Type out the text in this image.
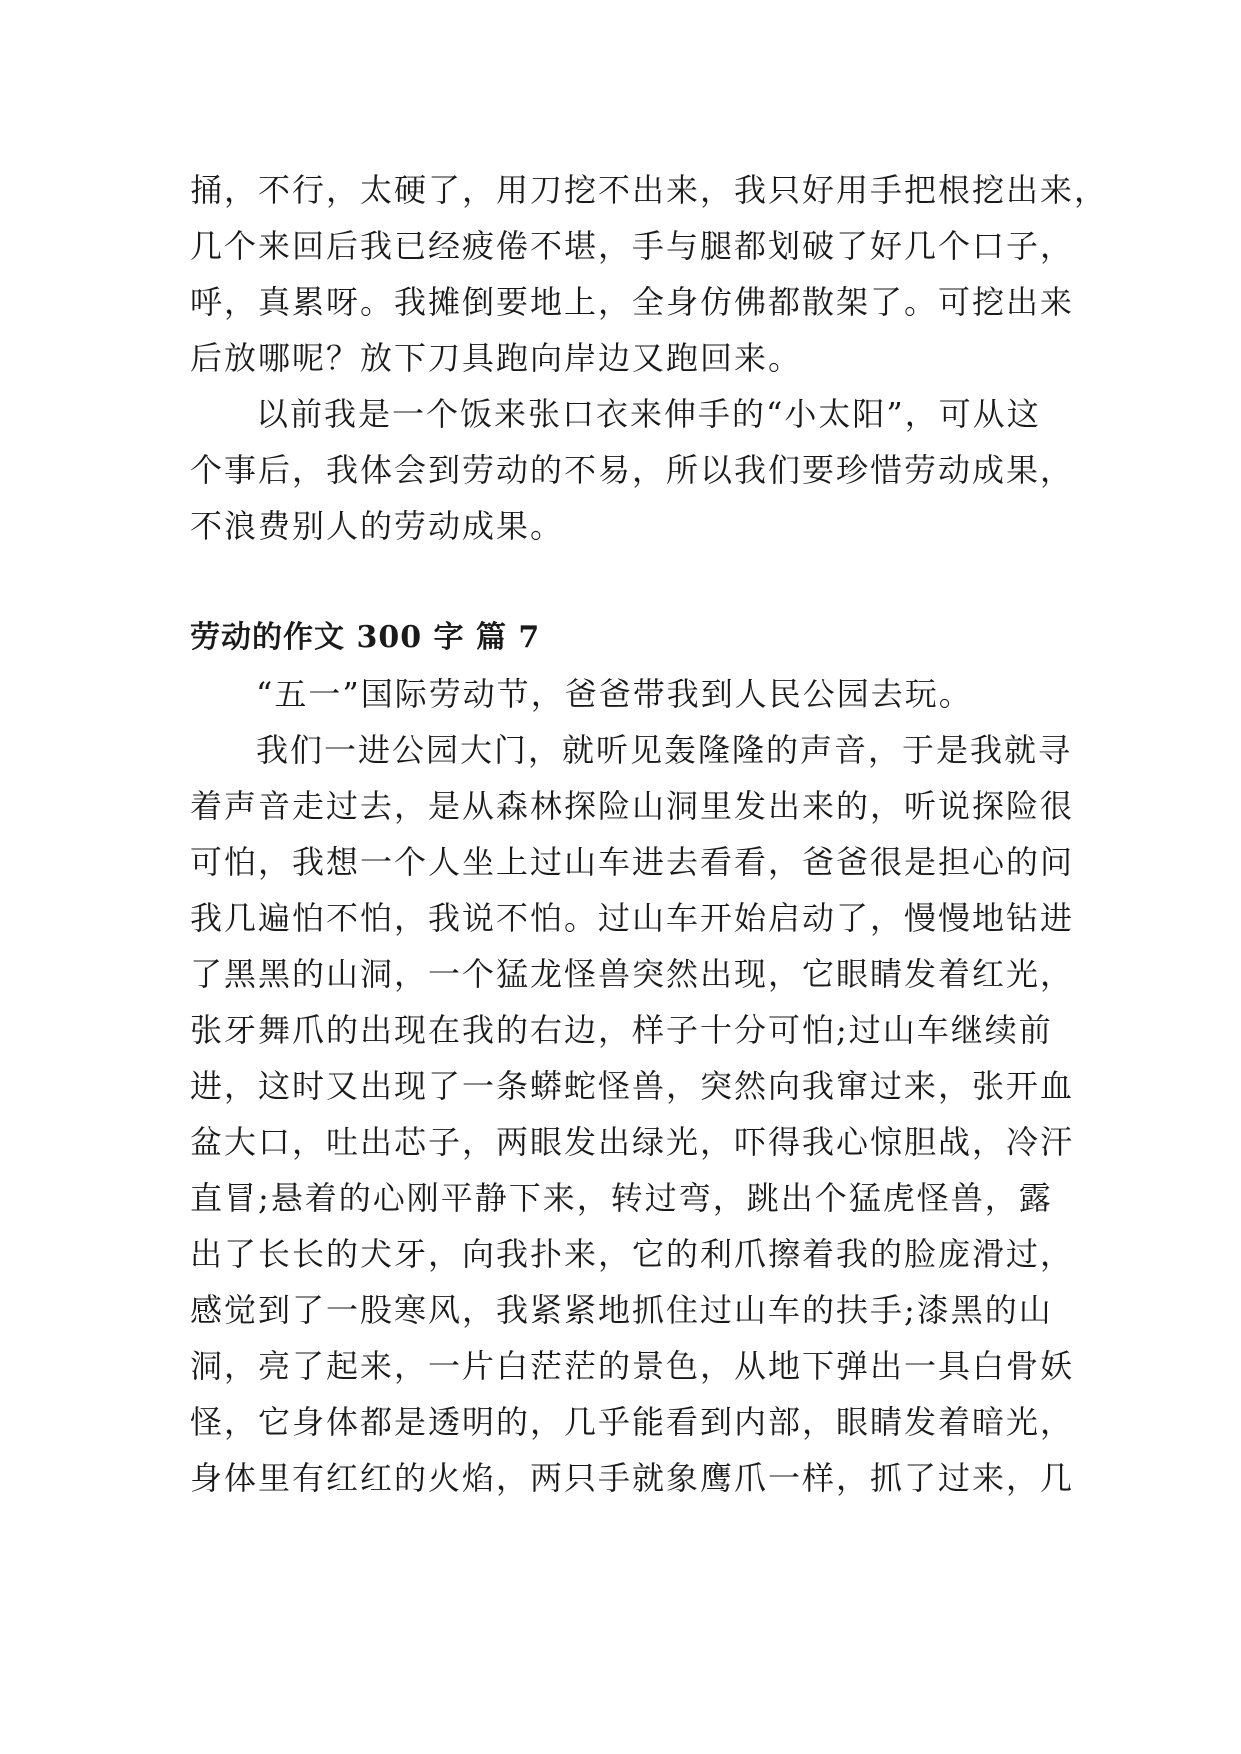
捅，不行，太硬了，用刀挖不出来，我只好用手把根挖出来，

几个来回后我已经疲倦不堪，手与腿都划破了好几个口子，

呼，真累呀。我摊倒要地上，全身仿佛都散架了。可挖出来

后放哪呢？放下刀具跑向岸边又跑回来。

以前我是一个饭来张口衣来伸手的“小太阳”，可从这

个事后，我体会到劳动的不易，所以我们要珍惜劳动成果，

不浪费别人的劳动成果。

劳动的作文 300 字 篇 7

“五一”国际劳动节，爸爸带我到人民公园去玩。

我们一进公园大门，就听见轰隆隆的声音，于是我就寻

着声音走过去，是从森林探险山洞里发出来的，听说探险很

可怕，我想一个人坐上过山车进去看看，爸爸很是担心的问

我几遍怕不怕，我说不怕。过山车开始启动了，慢慢地钻进

了黑黑的山洞，一个猛龙怪兽突然出现，它眼睛发着红光，

张牙舞爪的出现在我的右边，样子十分可怕;过山车继续前

进，这时又出现了一条蟒蛇怪兽，突然向我窜过来，张开血

盆大口，吐出芯子，两眼发出绿光，吓得我心惊胆战，冷汗

直冒;悬着的心刚平静下来，转过弯，跳出个猛虎怪兽，露

出了长长的犬牙，向我扑来，它的利爪擦着我的脸庞滑过，

感觉到了一股寒风，我紧紧地抓住过山车的扶手;漆黑的山

洞，亮了起来，一片白茫茫的景色，从地下弹出一具白骨妖

怪，它身体都是透明的，几乎能看到内部，眼睛发着暗光，

身体里有红红的火焰，两只手就象鹰爪一样，抓了过来，几
